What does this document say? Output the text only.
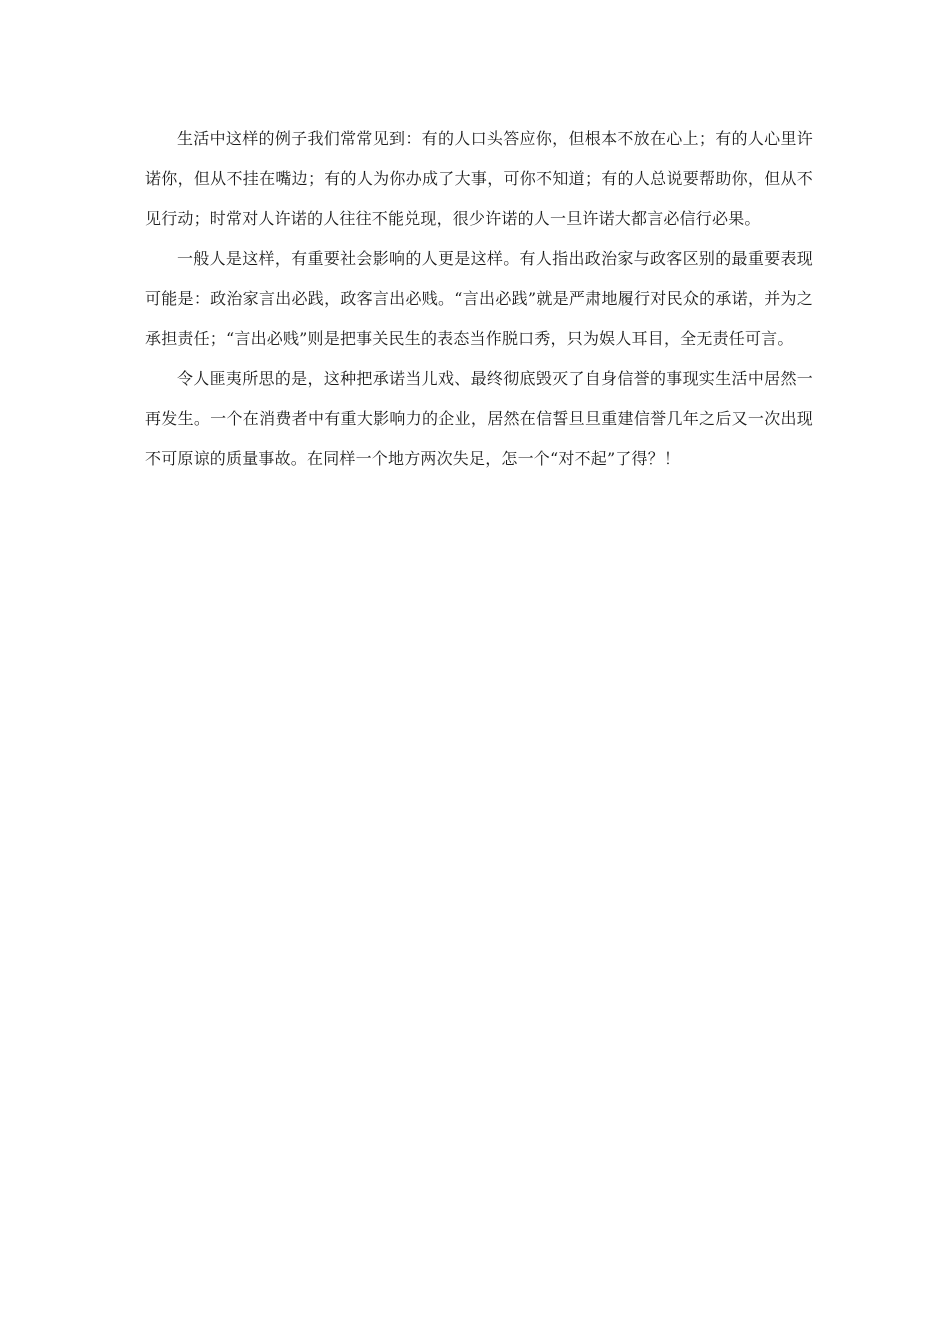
生活中这样的例子我们常常见到：有的人口头答应你，但根本不放在心上；有的人心里许诺你，但从不挂在嘴边；有的人为你办成了大事，可你不知道；有的人总说要帮助你，但从不见行动；时常对人许诺的人往往不能兑现，很少许诺的人一旦许诺大都言必信行必果。

一般人是这样，有重要社会影响的人更是这样。有人指出政治家与政客区别的最重要表现可能是：政治家言出必践，政客言出必贱。“言出必践”就是严肃地履行对民众的承诺，并为之承担责任；“言出必贱”则是把事关民生的表态当作脱口秀，只为娱人耳目，全无责任可言。

令人匪夷所思的是，这种把承诺当儿戏、最终彻底毁灭了自身信誉的事现实生活中居然一再发生。一个在消费者中有重大影响力的企业，居然在信誓旦旦重建信誉几年之后又一次出现不可原谅的质量事故。在同样一个地方两次失足，怎一个“对不起”了得？！
